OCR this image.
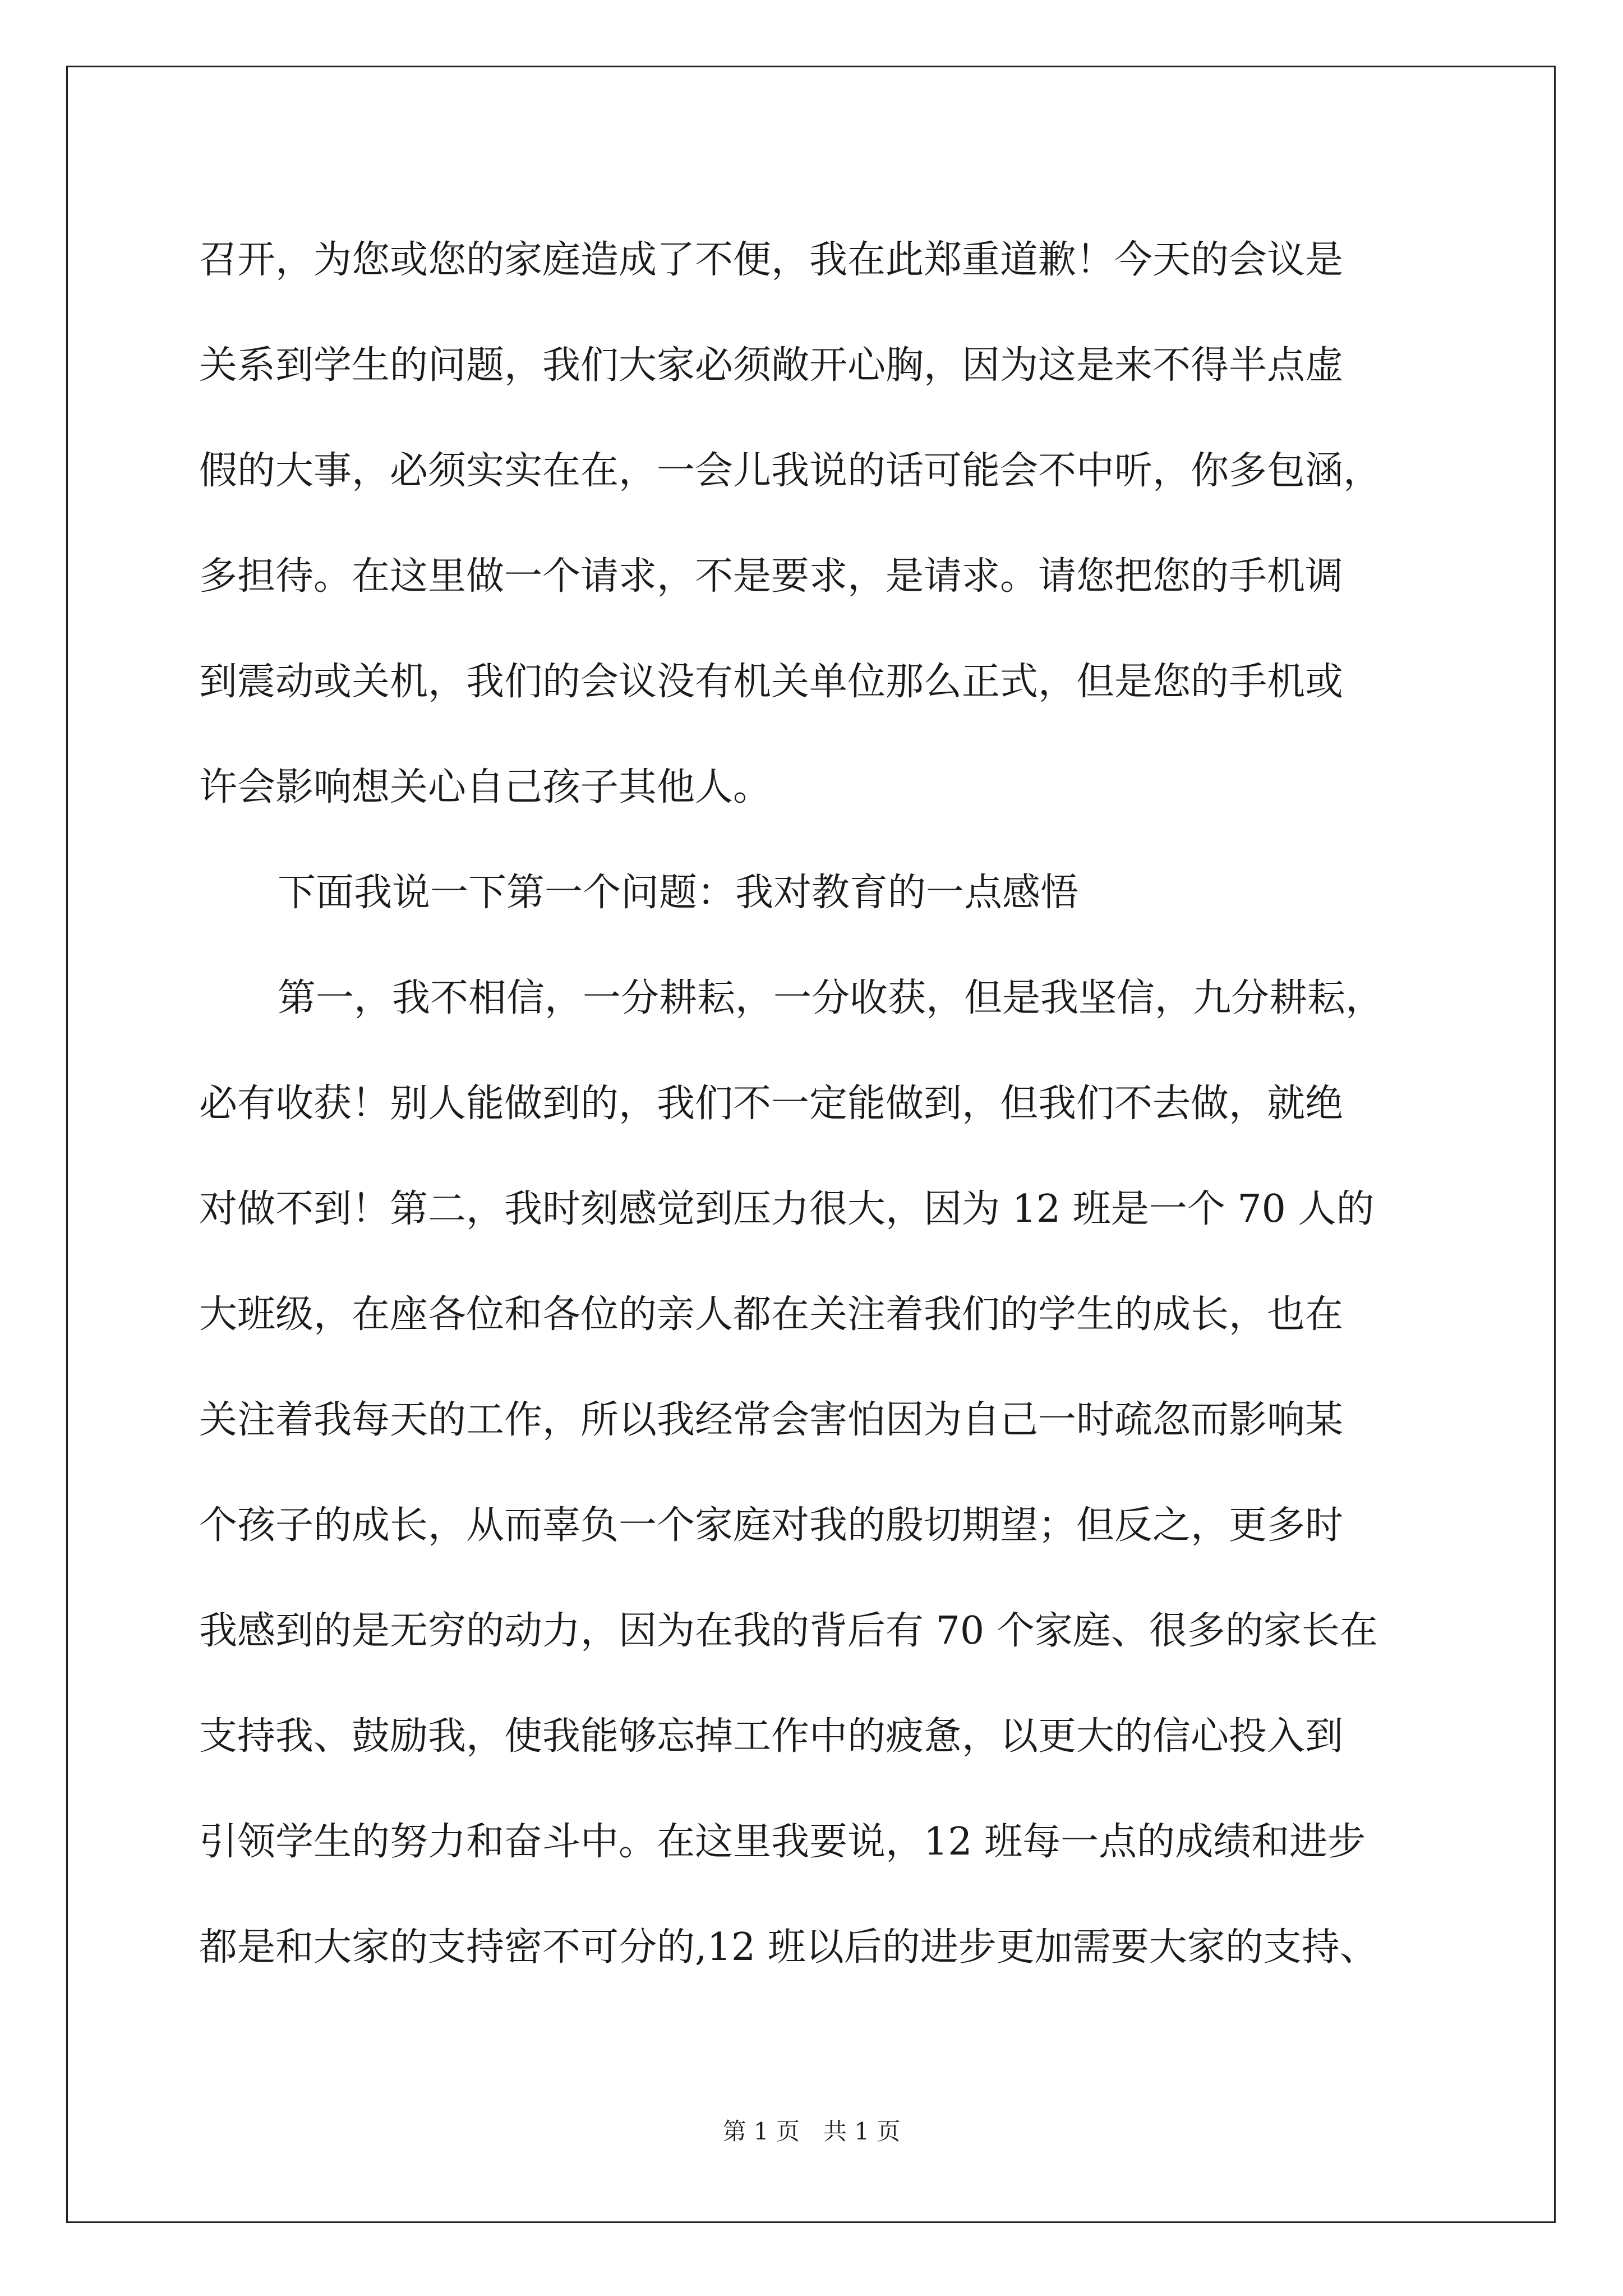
召开，为您或您的家庭造成了不便，我在此郑重道歉！今天的会议是
关系到学生的问题，我们大家必须敞开心胸，因为这是来不得半点虚
假的大事，必须实实在在，一会儿我说的话可能会不中听，你多包涵，
多担待。在这里做一个请求，不是要求，是请求。请您把您的手机调
到震动或关机，我们的会议没有机关单位那么正式，但是您的手机或
许会影响想关心自己孩子其他人。
下面我说一下第一个问题：我对教育的一点感悟
第一，我不相信，一分耕耘，一分收获，但是我坚信，九分耕耘，
必有收获！别人能做到的，我们不一定能做到，但我们不去做，就绝
对做不到！第二，我时刻感觉到压力很大，因为 12 班是一个 70 人的
大班级，在座各位和各位的亲人都在关注着我们的学生的成长，也在
关注着我每天的工作，所以我经常会害怕因为自己一时疏忽而影响某
个孩子的成长，从而辜负一个家庭对我的殷切期望；但反之，更多时
我感到的是无穷的动力，因为在我的背后有 70 个家庭、很多的家长在
支持我、鼓励我，使我能够忘掉工作中的疲惫，以更大的信心投入到
引领学生的努力和奋斗中。在这里我要说，12 班每一点的成绩和进步
都是和大家的支持密不可分的,12 班以后的进步更加需要大家的支持、
第 1 页　共 1 页
